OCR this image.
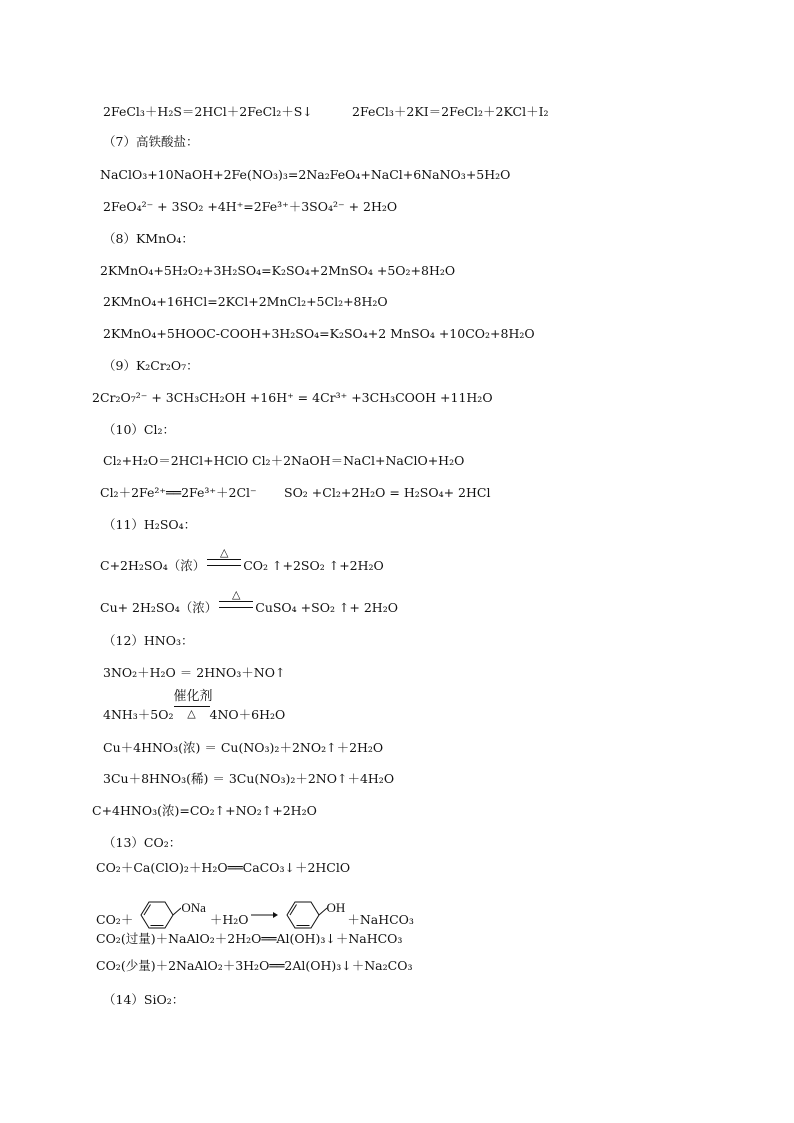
2FeCl₃＋H₂S＝2HCl＋2FeCl₂＋S↓	2FeCl₃＋2KI＝2FeCl₂＋2KCl＋I₂
（7）高铁酸盐：
NaClO₃+10NaOH+2Fe(NO₃)₃=2Na₂FeO₄+NaCl+6NaNO₃+5H₂O
2FeO₄²⁻ + 3SO₂ +4H⁺=2Fe³⁺＋3SO₄²⁻ + 2H₂O
（8）KMnO₄：
2KMnO₄+5H₂O₂+3H₂SO₄=K₂SO₄+2MnSO₄ +5O₂+8H₂O
2KMnO₄+16HCl=2KCl+2MnCl₂+5Cl₂+8H₂O
2KMnO₄+5HOOC-COOH+3H₂SO₄=K₂SO₄+2 MnSO₄ +10CO₂+8H₂O
（9）K₂Cr₂O₇：
2Cr₂O₇²⁻ + 3CH₃CH₂OH +16H⁺ = 4Cr³⁺ +3CH₃COOH +11H₂O
（10）Cl₂：
Cl₂+H₂O＝2HCl+HClO Cl₂＋2NaOH＝NaCl+NaClO+H₂O
Cl₂＋2Fe²⁺══2Fe³⁺＋2Cl⁻ SO₂ +Cl₂+2H₂O = H₂SO₄+ 2HCl
（11）H₂SO₄：
C+2H₂SO₄（浓）
△
CO₂ ↑+2SO₂ ↑+2H₂O
Cu+ 2H₂SO₄（浓）
△
CuSO₄ +SO₂ ↑+ 2H₂O
（12）HNO₃：
3NO₂＋H₂O ＝ 2HNO₃＋NO↑
4NH₃＋5O₂
催化剂
△	4NO＋6H₂O
Cu＋4HNO₃(浓) ＝ Cu(NO₃)₂＋2NO₂↑＋2H₂O
3Cu＋8HNO₃(稀) ＝ 3Cu(NO₃)₂＋2NO↑＋4H₂O
C+4HNO₃(浓)=CO₂↑+NO₂↑+2H₂O
（13）CO₂：
CO₂＋Ca(ClO)₂＋H₂O══CaCO₃↓＋2HClO
CO₂＋ONa＋H₂O→	OH＋NaHCO₃
CO₂(过量)＋NaAlO₂＋2H₂O══Al(OH)₃↓＋NaHCO₃
CO₂(少量)＋2NaAlO₂＋3H₂O══2Al(OH)₃↓＋Na₂CO₃
（14）SiO₂：
